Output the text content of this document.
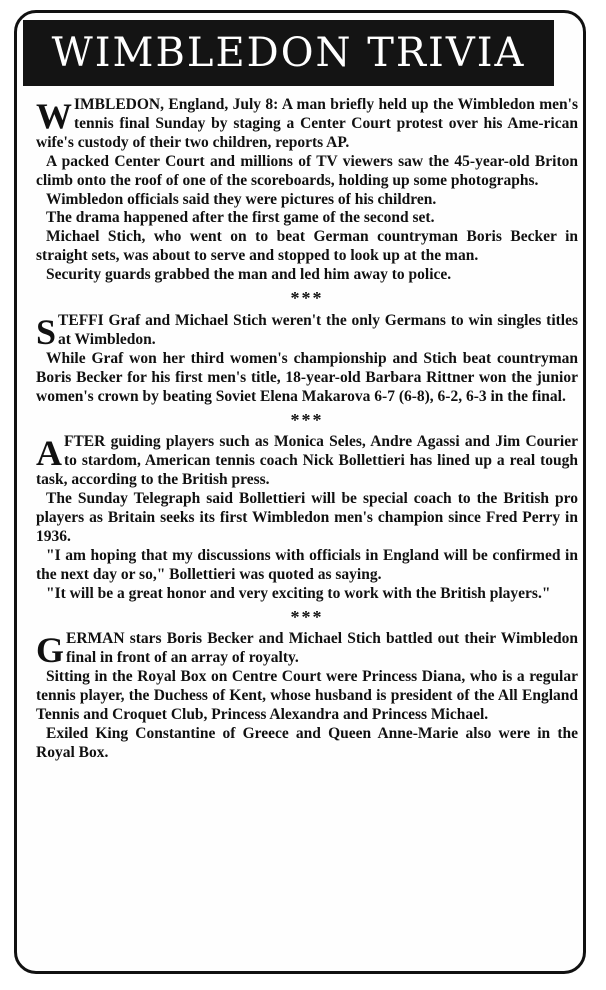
WIMBLEDON TRIVIA

WIMBLEDON, England, July 8: A man briefly held up the Wimbledon men's tennis final Sunday by staging a Center Court protest over his Ame-rican wife's custody of their two children, reports AP.

A packed Center Court and millions of TV viewers saw the 45-year-old Briton climb onto the roof of one of the scoreboards, holding up some photographs.

Wimbledon officials said they were pictures of his children.

The drama happened after the first game of the second set.

Michael Stich, who went on to beat German countryman Boris Becker in straight sets, was about to serve and stopped to look up at the man.

Security guards grabbed the man and led him away to police.

***

STEFFI Graf and Michael Stich weren't the only Germans to win singles titles at Wimbledon.

While Graf won her third women's championship and Stich beat countryman Boris Becker for his first men's title, 18-year-old Barbara Rittner won the junior women's crown by beating Soviet Elena Makarova 6-7 (6-8), 6-2, 6-3 in the final.

***

AFTER guiding players such as Monica Seles, Andre Agassi and Jim Courier to stardom, American tennis coach Nick Bollettieri has lined up a real tough task, according to the British press.

The Sunday Telegraph said Bollettieri will be special coach to the British pro players as Britain seeks its first Wimbledon men's champion since Fred Perry in 1936.

"I am hoping that my discussions with officials in England will be confirmed in the next day or so," Bollettieri was quoted as saying.

"It will be a great honor and very exciting to work with the British players."

***

GERMAN stars Boris Becker and Michael Stich battled out their Wimbledon final in front of an array of royalty.

Sitting in the Royal Box on Centre Court were Princess Diana, who is a regular tennis player, the Duchess of Kent, whose husband is president of the All England Tennis and Croquet Club, Princess Alexandra and Princess Michael.

Exiled King Constantine of Greece and Queen Anne-Marie also were in the Royal Box.
